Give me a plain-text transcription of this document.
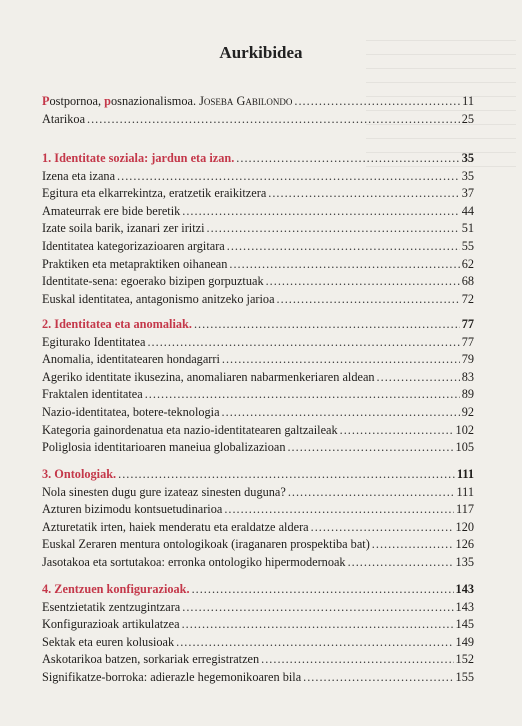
Aurkibidea
Postpornoa, posnazionalismoa. Joseba Gabilondo .....	11
Atarikoa .....	25
1. Identitate soziala: jardun eta izan. .....	35
Izena eta izana .....	35
Egitura eta elkarrekintza, eratzetik eraikitzera .....	37
Amateurrak ere bide beretik .....	44
Izate soila barik, izanari zer iritzi .....	51
Identitatea kategorizazioaren argitara .....	55
Praktiken eta metapraktiken oihanean .....	62
Identitate-sena: egoerako bizipen gorpuztuak .....	68
Euskal identitatea, antagonismo anitzeko jarioa .....	72
2. Identitatea eta anomaliak. .....	77
Egiturako Identitatea .....	77
Anomalia, identitatearen hondagarri .....	79
Ageriko identitate ikusezina, anomaliaren nabarmenkeriaren aldean .....	83
Fraktalen identitatea .....	89
Nazio-identitatea, botere-teknologia .....	92
Kategoria gainordenatua eta nazio-identitatearen galtzaileak .....	102
Poliglosia identitarioaren maneiua globalizazioan .....	105
3. Ontologiak. .....	111
Nola sinesten dugu gure izateaz sinesten duguna? .....	111
Azturen bizimodu kontsuetudinarioa .....	117
Azturetatik irten, haiek menderatu eta eraldatze aldera .....	120
Euskal Zeraren mentura ontologikoak (iraganaren prospektiba bat) .....	126
Jasotakoa eta sortutakoa: erronka ontologiko hipermodernoak .....	135
4. Zentzuen konfigurazioak. .....	143
Esentzietatik zentzugintzara .....	143
Konfigurazioak artikulatzea .....	145
Sektak eta euren kolusioak .....	149
Askotarikoa batzen, sorkariak erregistratzen .....	152
Signifikatze-borroka: adierazle hegemonikoaren bila .....	155
